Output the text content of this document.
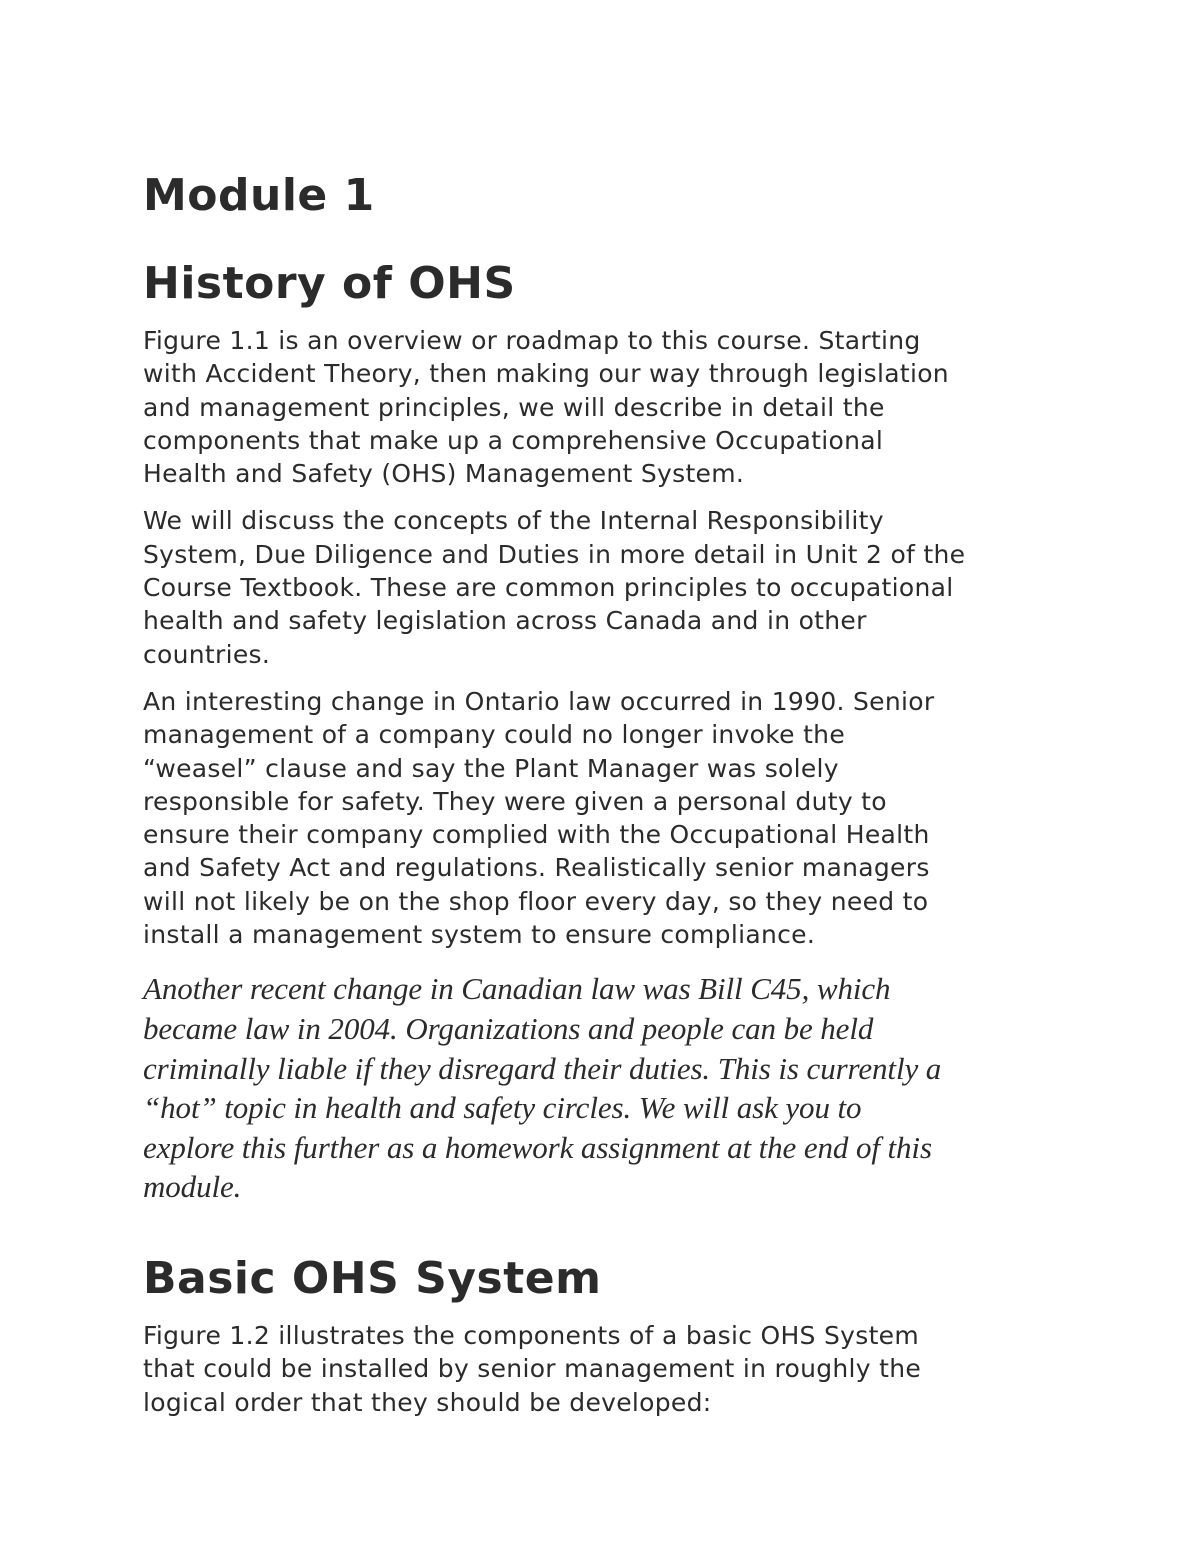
Module 1
History of OHS

Figure 1.1 is an overview or roadmap to this course. Starting
with Accident Theory, then making our way through legislation
and management principles, we will describe in detail the
components that make up a comprehensive Occupational
Health and Safety (OHS) Management System.

We will discuss the concepts of the Internal Responsibility
System, Due Diligence and Duties in more detail in Unit 2 of the
Course Textbook. These are common principles to occupational
health and safety legislation across Canada and in other
countries.

An interesting change in Ontario law occurred in 1990. Senior
management of a company could no longer invoke the
“weasel” clause and say the Plant Manager was solely
responsible for safety. They were given a personal duty to
ensure their company complied with the Occupational Health
and Safety Act and regulations. Realistically senior managers
will not likely be on the shop floor every day, so they need to
install a management system to ensure compliance.

Another recent change in Canadian law was Bill C45, which
became law in 2004. Organizations and people can be held
criminally liable if they disregard their duties. This is currently a
“hot” topic in health and safety circles. We will ask you to
explore this further as a homework assignment at the end of this
module.

Basic OHS System

Figure 1.2 illustrates the components of a basic OHS System
that could be installed by senior management in roughly the
logical order that they should be developed:
